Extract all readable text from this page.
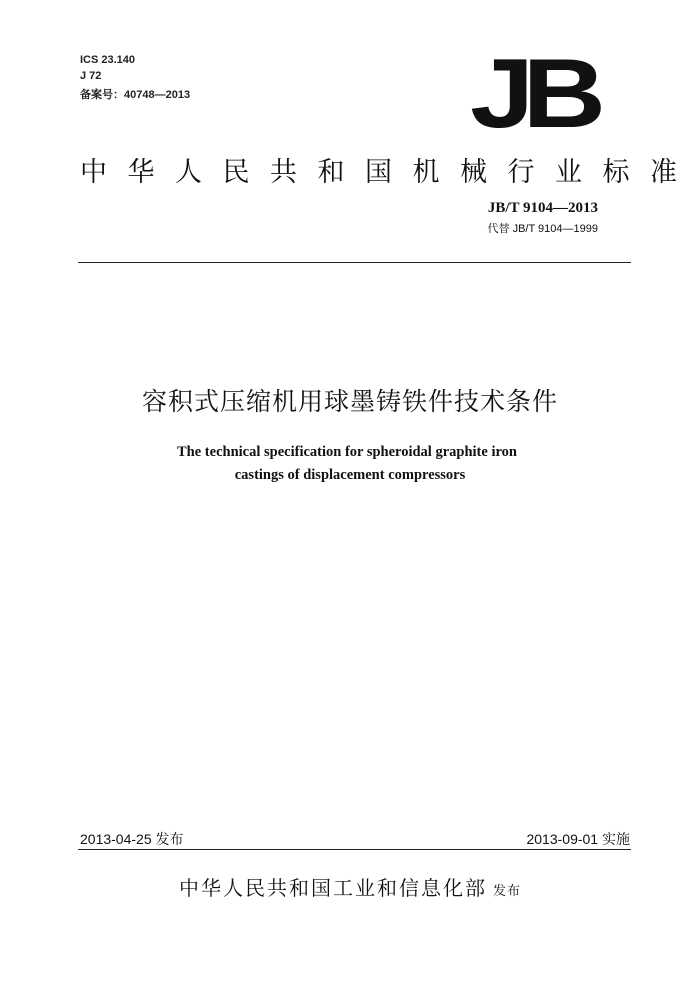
ICS 23.140
J 72
备案号：40748—2013	JB
中华人民共和国机械行业标准
JB/T 9104—2013
代替 JB/T 9104—1999
容积式压缩机用球墨铸铁件技术条件
The technical specification for spheroidal graphite iron
castings of displacement compressors
2013-04-25 发布	2013-09-01 实施
中华人民共和国工业和信息化部 发布
